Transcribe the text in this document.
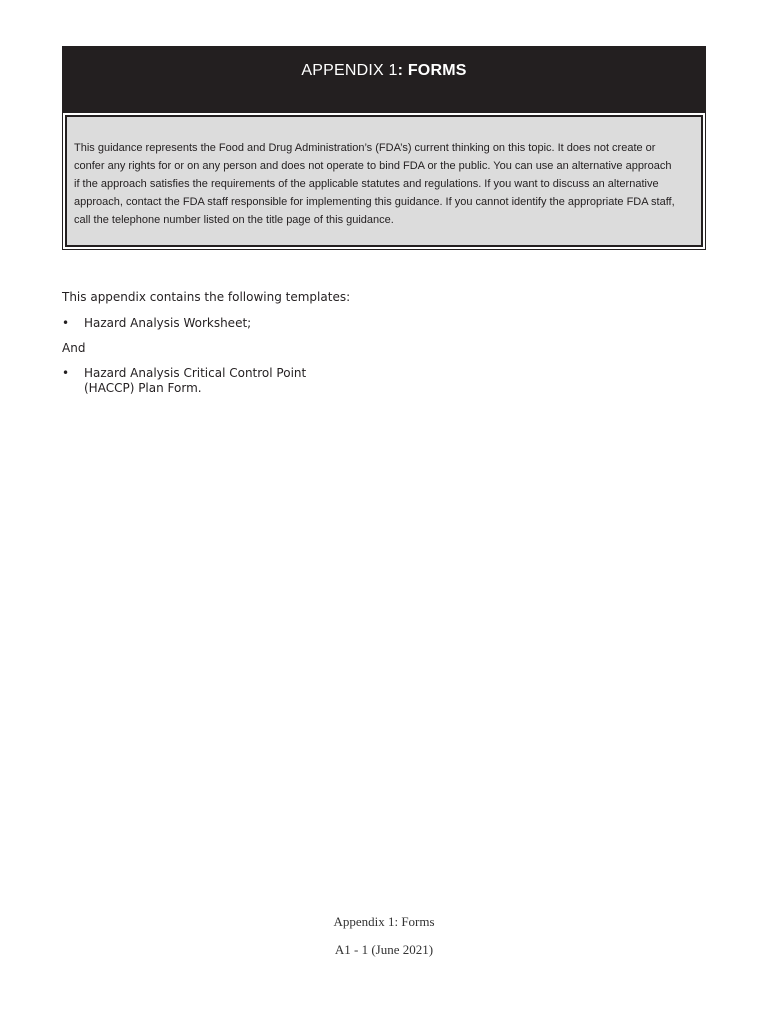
APPENDIX 1: FORMS
This guidance represents the Food and Drug Administration’s (FDA’s) current thinking on this topic. It does not create or
confer any rights for or on any person and does not operate to bind FDA or the public. You can use an alternative approach
if the approach satisfies the requirements of the applicable statutes and regulations. If you want to discuss an alternative
approach, contact the FDA staff responsible for implementing this guidance. If you cannot identify the appropriate FDA staff,
call the telephone number listed on the title page of this guidance.
This appendix contains the following templates:
• Hazard Analysis Worksheet;
And
• Hazard Analysis Critical Control Point
(HACCP) Plan Form.
Appendix 1: Forms
A1 - 1 (June 2021)
